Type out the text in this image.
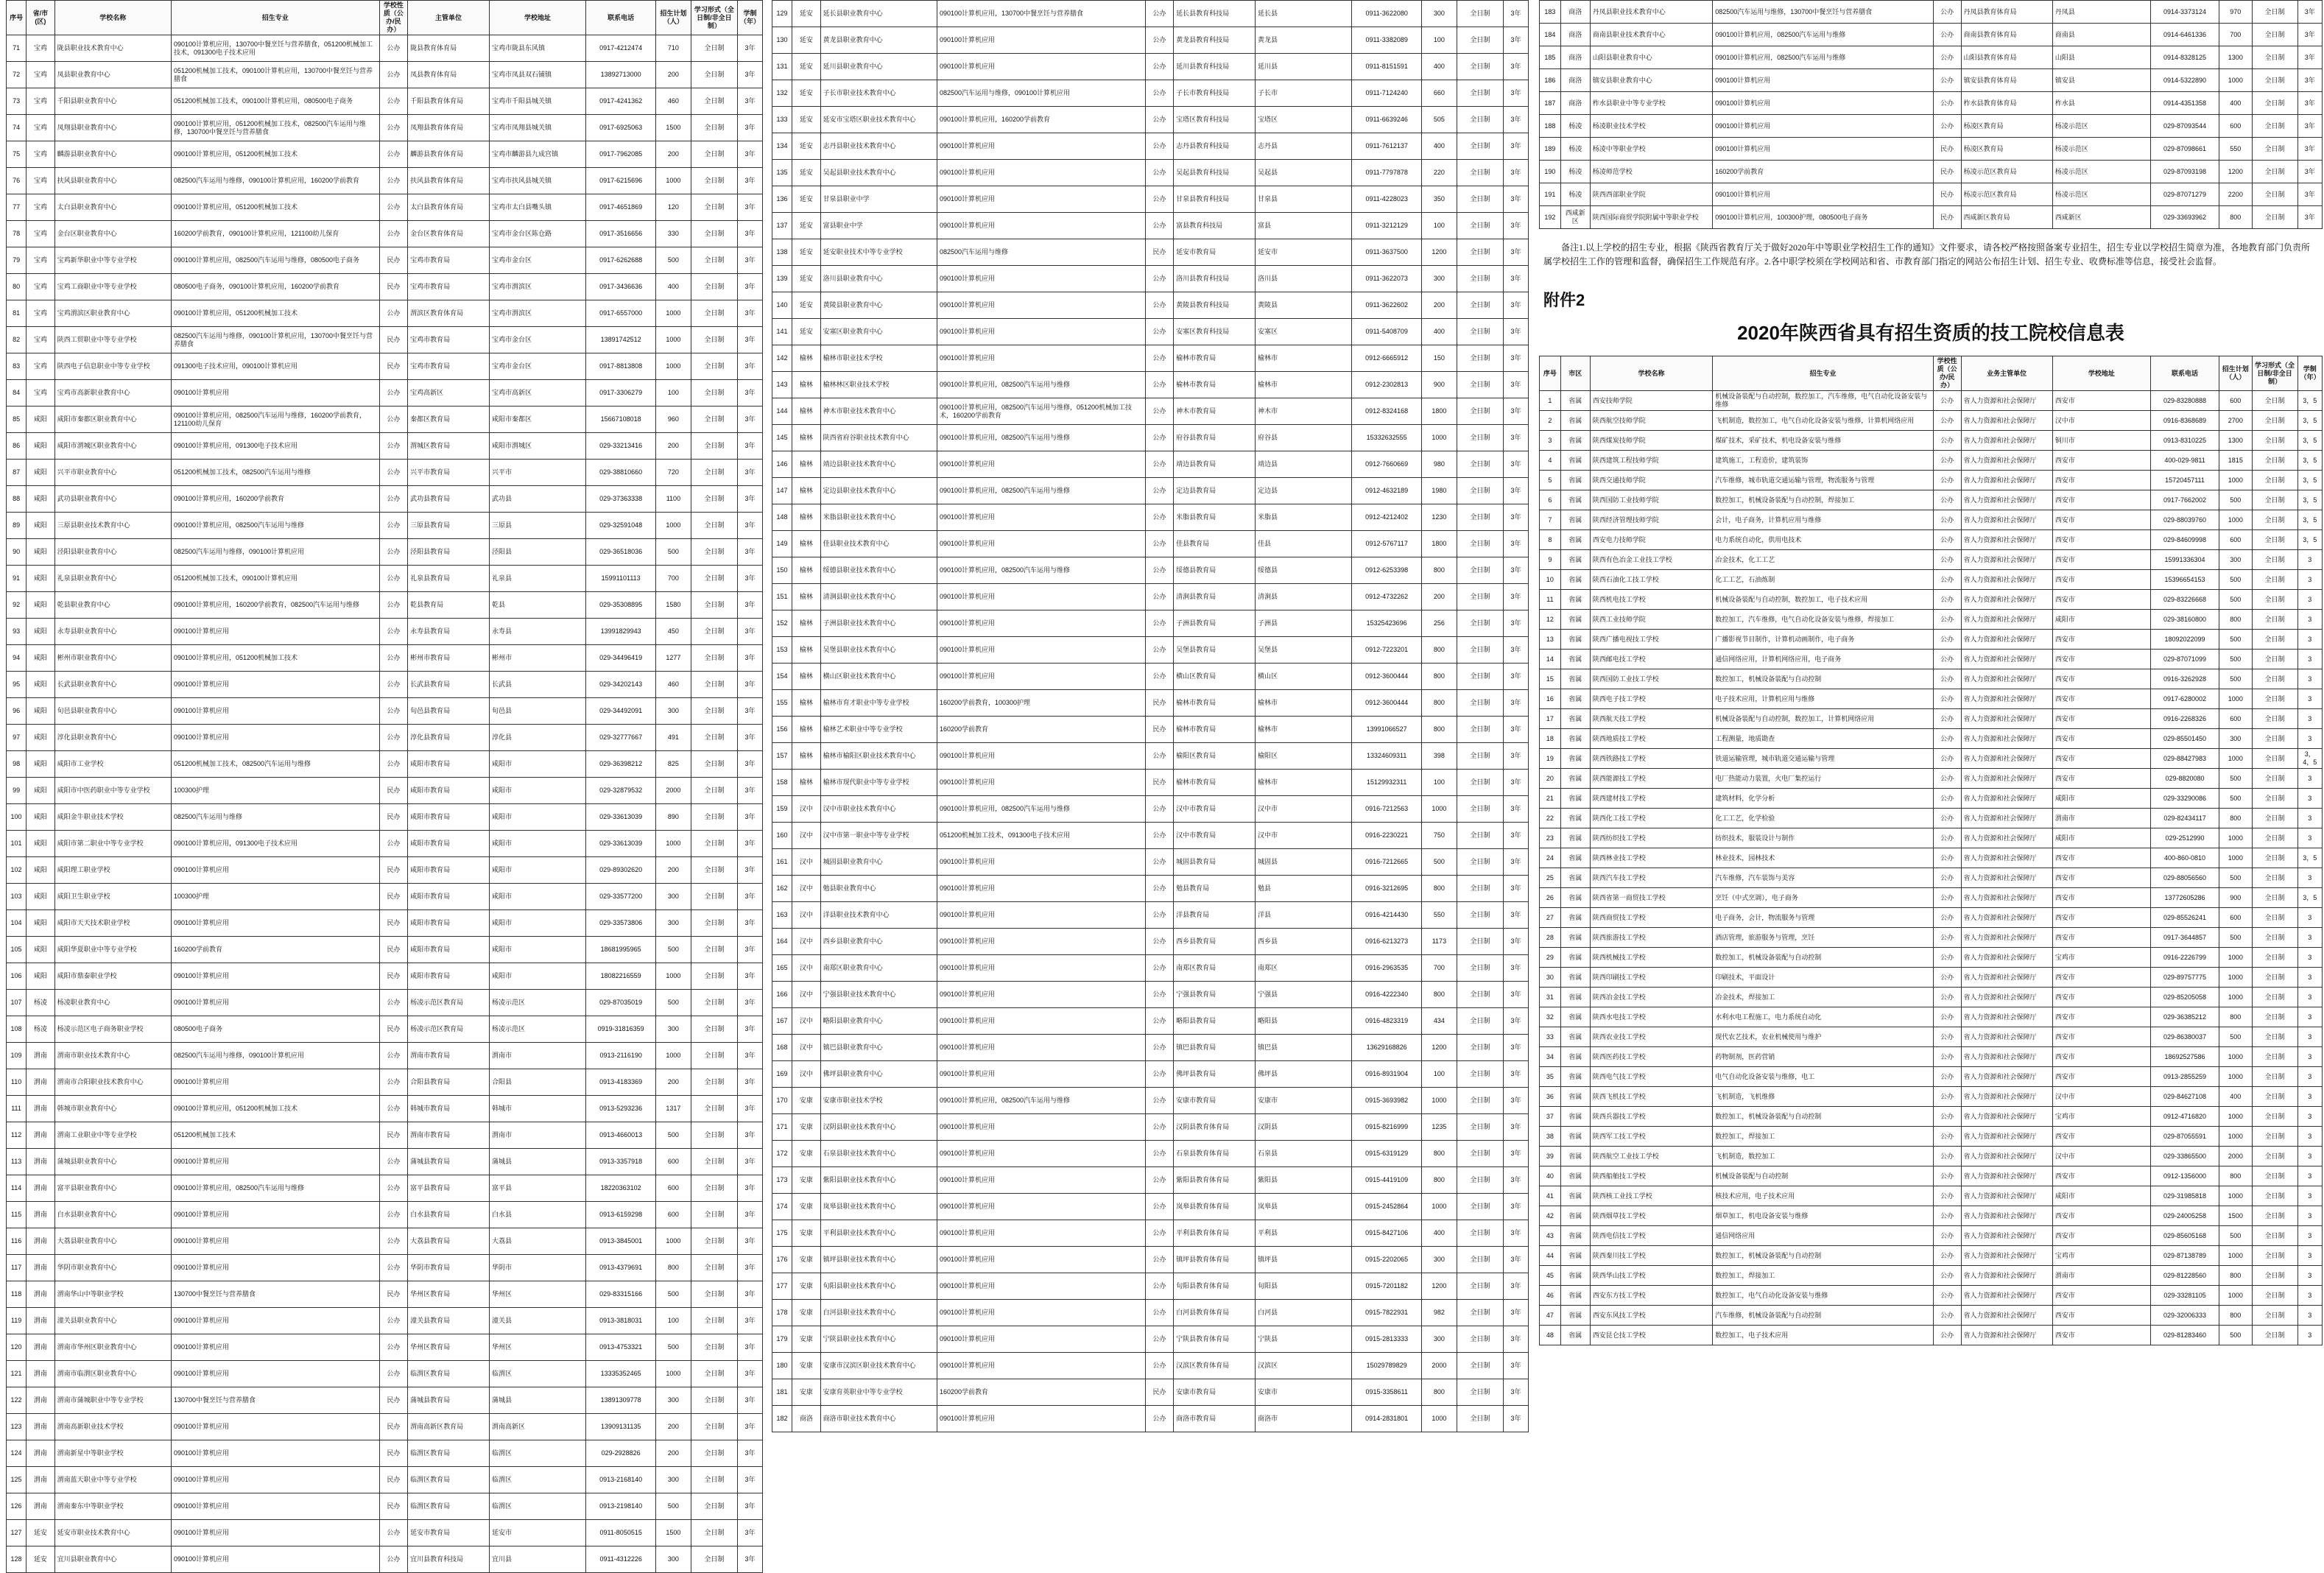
序号	省/市(区)	学校名称	招生专业	学校性质（公办/民办）	主管单位	学校地址	联系电话	招生计划（人）	学习形式（全日制/非全日制）	学制（年）
71	宝鸡	陇县职业技术教育中心	090100计算机应用，130700中餐烹饪与营养膳食，051200机械加工技术，091300电子技术应用	公办	陇县教育体育局	宝鸡市陇县东风镇	0917-4212474	710	全日制	3年
72	宝鸡	凤县职业教育中心	051200机械加工技术，090100计算机应用，130700中餐烹饪与营养膳食	公办	凤县教育体育局	宝鸡市凤县双石铺镇	13892713000	200	全日制	3年
73	宝鸡	千阳县职业教育中心	051200机械加工技术，090100计算机应用，080500电子商务	公办	千阳县教育体育局	宝鸡市千阳县城关镇	0917-4241362	460	全日制	3年
74	宝鸡	凤翔县职业教育中心	090100计算机应用，051200机械加工技术，082500汽车运用与维修，130700中餐烹饪与营养膳食	公办	凤翔县教育体育局	宝鸡市凤翔县城关镇	0917-6925063	1500	全日制	3年
75	宝鸡	麟游县职业教育中心	090100计算机应用，051200机械加工技术	公办	麟游县教育体育局	宝鸡市麟游县九成宫镇	0917-7962085	200	全日制	3年
76	宝鸡	扶风县职业教育中心	082500汽车运用与维修，090100计算机应用，160200学前教育	公办	扶风县教育体育局	宝鸡市扶风县城关镇	0917-6215696	1000	全日制	3年
77	宝鸡	太白县职业教育中心	090100计算机应用，051200机械加工技术	公办	太白县教育体育局	宝鸡市太白县嘴头镇	0917-4651869	120	全日制	3年
78	宝鸡	金台区职业教育中心	160200学前教育，090100计算机应用，121100幼儿保育	公办	金台区教育体育局	宝鸡市金台区陈仓路	0917-3516656	330	全日制	3年
79	宝鸡	宝鸡新华职业中等专业学校	090100计算机应用，082500汽车运用与维修，080500电子商务	民办	宝鸡市教育局	宝鸡市金台区	0917-6262688	500	全日制	3年
80	宝鸡	宝鸡工商职业中等专业学校	080500电子商务，090100计算机应用，160200学前教育	民办	宝鸡市教育局	宝鸡市渭滨区	0917-3436636	400	全日制	3年
81	宝鸡	宝鸡渭滨区职业教育中心	090100计算机应用，051200机械加工技术	公办	渭滨区教育体育局	宝鸡市渭滨区	0917-6557000	1000	全日制	3年
82	宝鸡	陕西工贸职业中等专业学校	082500汽车运用与维修，090100计算机应用，130700中餐烹饪与营养膳食	民办	宝鸡市教育局	宝鸡市金台区	13891742512	1000	全日制	3年
83	宝鸡	陕西电子信息职业中等专业学校	091300电子技术应用，090100计算机应用	民办	宝鸡市教育局	宝鸡市金台区	0917-8813808	1000	全日制	3年
84	宝鸡	宝鸡市高新职业教育中心	090100计算机应用	公办	宝鸡高新区	宝鸡市高新区	0917-3306279	100	全日制	3年
85	咸阳	咸阳市秦都区职业教育中心	090100计算机应用，082500汽车运用与维修，160200学前教育，121100幼儿保育	公办	秦都区教育局	咸阳市秦都区	15667108018	960	全日制	3年
86	咸阳	咸阳市渭城区职业教育中心	090100计算机应用，091300电子技术应用	公办	渭城区教育局	咸阳市渭城区	029-33213416	200	全日制	3年
87	咸阳	兴平市职业教育中心	051200机械加工技术，082500汽车运用与维修	公办	兴平市教育局	兴平市	029-38810660	720	全日制	3年
88	咸阳	武功县职业教育中心	090100计算机应用，160200学前教育	公办	武功县教育局	武功县	029-37363338	1100	全日制	3年
89	咸阳	三原县职业技术教育中心	090100计算机应用，082500汽车运用与维修	公办	三原县教育局	三原县	029-32591048	1000	全日制	3年
90	咸阳	泾阳县职业教育中心	082500汽车运用与维修，090100计算机应用	公办	泾阳县教育局	泾阳县	029-36518036	500	全日制	3年
91	咸阳	礼泉县职业教育中心	051200机械加工技术，090100计算机应用	公办	礼泉县教育局	礼泉县	15991101113	700	全日制	3年
92	咸阳	乾县职业教育中心	090100计算机应用，160200学前教育，082500汽车运用与维修	公办	乾县教育局	乾县	029-35308895	1580	全日制	3年
93	咸阳	永寿县职业教育中心	090100计算机应用	公办	永寿县教育局	永寿县	13991829943	450	全日制	3年
94	咸阳	彬州市职业教育中心	090100计算机应用，051200机械加工技术	公办	彬州市教育局	彬州市	029-34496419	1277	全日制	3年
95	咸阳	长武县职业教育中心	090100计算机应用	公办	长武县教育局	长武县	029-34202143	460	全日制	3年
96	咸阳	旬邑县职业教育中心	090100计算机应用	公办	旬邑县教育局	旬邑县	029-34492091	300	全日制	3年
97	咸阳	淳化县职业教育中心	090100计算机应用	公办	淳化县教育局	淳化县	029-32777667	491	全日制	3年
98	咸阳	咸阳市工业学校	051200机械加工技术，082500汽车运用与维修	公办	咸阳市教育局	咸阳市	029-36398212	825	全日制	3年
99	咸阳	咸阳市中医药职业中等专业学校	100300护理	民办	咸阳市教育局	咸阳市	029-32879532	2000	全日制	3年
100	咸阳	咸阳金牛职业技术学校	082500汽车运用与维修	民办	咸阳市教育局	咸阳市	029-33613039	890	全日制	3年
101	咸阳	咸阳市第二职业中等专业学校	090100计算机应用，091300电子技术应用	公办	咸阳市教育局	咸阳市	029-33613039	1000	全日制	3年
102	咸阳	咸阳理工职业学校	090100计算机应用	民办	咸阳市教育局	咸阳市	029-89302620	200	全日制	3年
103	咸阳	咸阳卫生职业学校	100300护理	民办	咸阳市教育局	咸阳市	029-33577200	300	全日制	3年
104	咸阳	咸阳市天天技术职业学校	090100计算机应用	民办	咸阳市教育局	咸阳市	029-33573806	300	全日制	3年
105	咸阳	咸阳华夏职业中等专业学校	160200学前教育	民办	咸阳市教育局	咸阳市	18681995965	500	全日制	3年
106	咸阳	咸阳市鼎泰职业学校	090100计算机应用	民办	咸阳市教育局	咸阳市	18082216559	1000	全日制	3年
107	杨凌	杨凌职业教育中心	090100计算机应用	公办	杨凌示范区教育局	杨凌示范区	029-87035019	500	全日制	3年
108	杨凌	杨凌示范区电子商务职业学校	080500电子商务	民办	杨凌示范区教育局	杨凌示范区	0919-31816359	300	全日制	3年
109	渭南	渭南市职业技术教育中心	082500汽车运用与维修，090100计算机应用	公办	渭南市教育局	渭南市	0913-2116190	1000	全日制	3年
110	渭南	渭南市合阳职业技术教育中心	090100计算机应用	公办	合阳县教育局	合阳县	0913-4183369	200	全日制	3年
111	渭南	韩城市职业教育中心	090100计算机应用，051200机械加工技术	公办	韩城市教育局	韩城市	0913-5293236	1317	全日制	3年
112	渭南	渭南工业职业中等专业学校	051200机械加工技术	民办	渭南市教育局	渭南市	0913-4660013	500	全日制	3年
113	渭南	蒲城县职业教育中心	090100计算机应用	公办	蒲城县教育局	蒲城县	0913-3357918	600	全日制	3年
114	渭南	富平县职业教育中心	090100计算机应用，082500汽车运用与维修	公办	富平县教育局	富平县	18220363102	600	全日制	3年
115	渭南	白水县职业教育中心	090100计算机应用	公办	白水县教育局	白水县	0913-6159298	600	全日制	3年
116	渭南	大荔县职业教育中心	090100计算机应用	公办	大荔县教育局	大荔县	0913-3845001	1000	全日制	3年
117	渭南	华阴市职业教育中心	090100计算机应用	公办	华阴市教育局	华阴市	0913-4379691	800	全日制	3年
118	渭南	渭南华山中等职业学校	130700中餐烹饪与营养膳食	民办	华州区教育局	华州区	029-83315166	500	全日制	3年
119	渭南	潼关县职业教育中心	090100计算机应用	公办	潼关县教育局	潼关县	0913-3818031	100	全日制	3年
120	渭南	渭南市华州区职业教育中心	090100计算机应用	公办	华州区教育局	华州区	0913-4753321	500	全日制	3年
121	渭南	渭南市临渭区职业教育中心	090100计算机应用	公办	临渭区教育局	临渭区	13335352465	1000	全日制	3年
122	渭南	渭南市蒲城职业中等专业学校	130700中餐烹饪与营养膳食	民办	蒲城县教育局	蒲城县	13891309778	300	全日制	3年
123	渭南	渭南高新职业技术学校	090100计算机应用	民办	渭南高新区教育局	渭南高新区	13909131135	200	全日制	3年
124	渭南	渭南新星中等职业学校	090100计算机应用	民办	临渭区教育局	临渭区	029-2928826	200	全日制	3年
125	渭南	渭南蓝天职业中等专业学校	090100计算机应用	民办	临渭区教育局	临渭区	0913-2168140	300	全日制	3年
126	渭南	渭南秦东中等职业学校	090100计算机应用	民办	临渭区教育局	临渭区	0913-2198140	500	全日制	3年
127	延安	延安市职业技术教育中心	090100计算机应用	公办	延安市教育局	延安市	0911-8050515	1500	全日制	3年
128	延安	宜川县职业教育中心	090100计算机应用	公办	宜川县教育科技局	宜川县	0911-4312226	300	全日制	3年
129	延安	延长县职业教育中心	090100计算机应用，130700中餐烹饪与营养膳食	公办	延长县教育科技局	延长县	0911-3622080	300	全日制	3年
130	延安	黄龙县职业教育中心	090100计算机应用	公办	黄龙县教育科技局	黄龙县	0911-3382089	100	全日制	3年
131	延安	延川县职业教育中心	090100计算机应用	公办	延川县教育科技局	延川县	0911-8151591	400	全日制	3年
132	延安	子长市职业技术教育中心	082500汽车运用与维修，090100计算机应用	公办	子长市教育科技局	子长市	0911-7124240	660	全日制	3年
133	延安	延安市宝塔区职业技术教育中心	090100计算机应用，160200学前教育	公办	宝塔区教育科技局	宝塔区	0911-6639246	505	全日制	3年
134	延安	志丹县职业技术教育中心	090100计算机应用	公办	志丹县教育科技局	志丹县	0911-7612137	400	全日制	3年
135	延安	吴起县职业技术教育中心	090100计算机应用	公办	吴起县教育科技局	吴起县	0911-7797878	220	全日制	3年
136	延安	甘泉县职业中学	090100计算机应用	公办	甘泉县教育科技局	甘泉县	0911-4228023	350	全日制	3年
137	延安	富县职业中学	090100计算机应用	公办	富县教育科技局	富县	0911-3212129	100	全日制	3年
138	延安	延安职业技术中等专业学校	082500汽车运用与维修	民办	延安市教育局	延安市	0911-3637500	1200	全日制	3年
139	延安	洛川县职业教育中心	090100计算机应用	公办	洛川县教育科技局	洛川县	0911-3622073	300	全日制	3年
140	延安	黄陵县职业教育中心	090100计算机应用	公办	黄陵县教育科技局	黄陵县	0911-3622602	200	全日制	3年
141	延安	安塞区职业教育中心	090100计算机应用	公办	安塞区教育科技局	安塞区	0911-5408709	400	全日制	3年
142	榆林	榆林市职业技术学校	090100计算机应用	公办	榆林市教育局	榆林市	0912-6665912	150	全日制	3年
143	榆林	榆林林区职业技术学校	090100计算机应用，082500汽车运用与维修	公办	榆林市教育局	榆林市	0912-2302813	900	全日制	3年
144	榆林	神木市职业技术教育中心	090100计算机应用，082500汽车运用与维修，051200机械加工技术，160200学前教育	公办	神木市教育局	神木市	0912-8324168	1800	全日制	3年
145	榆林	陕西省府谷职业技术教育中心	090100计算机应用，082500汽车运用与维修	公办	府谷县教育局	府谷县	15332632555	1000	全日制	3年
146	榆林	靖边县职业技术教育中心	090100计算机应用	公办	靖边县教育局	靖边县	0912-7660669	980	全日制	3年
147	榆林	定边县职业技术教育中心	090100计算机应用，082500汽车运用与维修	公办	定边县教育局	定边县	0912-4632189	1980	全日制	3年
148	榆林	米脂县职业技术教育中心	090100计算机应用	公办	米脂县教育局	米脂县	0912-4212402	1230	全日制	3年
149	榆林	佳县职业技术教育中心	090100计算机应用	公办	佳县教育局	佳县	0912-5767117	1800	全日制	3年
150	榆林	绥德县职业技术教育中心	090100计算机应用，082500汽车运用与维修	公办	绥德县教育局	绥德县	0912-6253398	800	全日制	3年
151	榆林	清涧县职业技术教育中心	090100计算机应用	公办	清涧县教育局	清涧县	0912-4732262	200	全日制	3年
152	榆林	子洲县职业技术教育中心	090100计算机应用	公办	子洲县教育局	子洲县	15325423696	256	全日制	3年
153	榆林	吴堡县职业技术教育中心	090100计算机应用	公办	吴堡县教育局	吴堡县	0912-7223201	800	全日制	3年
154	榆林	横山区职业技术教育中心	090100计算机应用	公办	横山区教育局	横山区	0912-3600444	800	全日制	3年
155	榆林	榆林市育才职业中等专业学校	160200学前教育，100300护理	民办	榆林市教育局	榆林市	0912-3600444	800	全日制	3年
156	榆林	榆林艺术职业中等专业学校	160200学前教育	民办	榆林市教育局	榆林市	13991066527	800	全日制	3年
157	榆林	榆林市榆阳区职业技术教育中心	090100计算机应用	公办	榆阳区教育局	榆阳区	13324609311	398	全日制	3年
158	榆林	榆林市现代职业中等专业学校	090100计算机应用	民办	榆林市教育局	榆林市	15129932311	100	全日制	3年
159	汉中	汉中市职业技术教育中心	090100计算机应用，082500汽车运用与维修	公办	汉中市教育局	汉中市	0916-7212563	1000	全日制	3年
160	汉中	汉中市第一职业中等专业学校	051200机械加工技术，091300电子技术应用	公办	汉中市教育局	汉中市	0916-2230221	750	全日制	3年
161	汉中	城固县职业教育中心	090100计算机应用	公办	城固县教育局	城固县	0916-7212665	500	全日制	3年
162	汉中	勉县职业教育中心	090100计算机应用	公办	勉县教育局	勉县	0916-3212695	800	全日制	3年
163	汉中	洋县职业技术教育中心	090100计算机应用	公办	洋县教育局	洋县	0916-4214430	550	全日制	3年
164	汉中	西乡县职业教育中心	090100计算机应用	公办	西乡县教育局	西乡县	0916-6213273	1173	全日制	3年
165	汉中	南郑区职业教育中心	090100计算机应用	公办	南郑区教育局	南郑区	0916-2963535	700	全日制	3年
166	汉中	宁强县职业技术教育中心	090100计算机应用	公办	宁强县教育局	宁强县	0916-4222340	800	全日制	3年
167	汉中	略阳县职业教育中心	090100计算机应用	公办	略阳县教育局	略阳县	0916-4823319	434	全日制	3年
168	汉中	镇巴县职业教育中心	090100计算机应用	公办	镇巴县教育局	镇巴县	13629168826	1200	全日制	3年
169	汉中	佛坪县职业教育中心	090100计算机应用	公办	佛坪县教育局	佛坪县	0916-8931904	100	全日制	3年
170	安康	安康市职业技术学校	090100计算机应用，082500汽车运用与维修	公办	安康市教育局	安康市	0915-3693982	1000	全日制	3年
171	安康	汉阴县职业技术教育中心	090100计算机应用	公办	汉阴县教育体育局	汉阴县	0915-8216999	1235	全日制	3年
172	安康	石泉县职业技术教育中心	090100计算机应用	公办	石泉县教育体育局	石泉县	0915-6319129	800	全日制	3年
173	安康	紫阳县职业技术教育中心	090100计算机应用	公办	紫阳县教育体育局	紫阳县	0915-4419109	800	全日制	3年
174	安康	岚皋县职业技术教育中心	090100计算机应用	公办	岚皋县教育体育局	岚皋县	0915-2452864	1000	全日制	3年
175	安康	平利县职业技术教育中心	090100计算机应用	公办	平利县教育体育局	平利县	0915-8427106	400	全日制	3年
176	安康	镇坪县职业技术教育中心	090100计算机应用	公办	镇坪县教育体育局	镇坪县	0915-2202065	300	全日制	3年
177	安康	旬阳县职业技术教育中心	090100计算机应用	公办	旬阳县教育体育局	旬阳县	0915-7201182	1200	全日制	3年
178	安康	白河县职业技术教育中心	090100计算机应用	公办	白河县教育体育局	白河县	0915-7822931	982	全日制	3年
179	安康	宁陕县职业技术教育中心	090100计算机应用	公办	宁陕县教育体育局	宁陕县	0915-2813333	300	全日制	3年
180	安康	安康市汉滨区职业技术教育中心	090100计算机应用	公办	汉滨区教育体育局	汉滨区	15029789829	2000	全日制	3年
181	安康	安康育英职业中等专业学校	160200学前教育	民办	安康市教育局	安康市	0915-3358611	800	全日制	3年
182	商洛	商洛市职业技术教育中心	090100计算机应用	公办	商洛市教育局	商洛市	0914-2831801	1000	全日制	3年
183	商洛	丹凤县职业技术教育中心	082500汽车运用与维修，130700中餐烹饪与营养膳食	公办	丹凤县教育体育局	丹凤县	0914-3373124	970	全日制	3年
184	商洛	商南县职业技术教育中心	090100计算机应用，082500汽车运用与维修	公办	商南县教育体育局	商南县	0914-6461336	700	全日制	3年
185	商洛	山阳县职业教育中心	090100计算机应用，082500汽车运用与维修	公办	山阳县教育体育局	山阳县	0914-8328125	1300	全日制	3年
186	商洛	镇安县职业教育中心	090100计算机应用	公办	镇安县教育体育局	镇安县	0914-5322890	1000	全日制	3年
187	商洛	柞水县职业中等专业学校	090100计算机应用	公办	柞水县教育体育局	柞水县	0914-4351358	400	全日制	3年
188	杨凌	杨凌职业技术学校	090100计算机应用	公办	杨凌区教育局	杨凌示范区	029-87093544	600	全日制	3年
189	杨凌	杨凌中等职业学校	090100计算机应用	民办	杨凌区教育局	杨凌示范区	029-87098661	550	全日制	3年
190	杨凌	杨凌师范学校	160200学前教育	民办	杨凌示范区教育局	杨凌示范区	029-87093198	1200	全日制	3年
191	杨凌	陕西西部职业学院	090100计算机应用	民办	杨凌示范区教育局	杨凌示范区	029-87071279	2200	全日制	3年
192	西咸新区	陕西国际商贸学院附属中等职业学校	090100计算机应用，100300护理，080500电子商务	民办	西咸新区教育局	西咸新区	029-33693962	800	全日制	3年
备注1.以上学校的招生专业，根据《陕西省教育厅关于做好2020年中等职业学校招生工作的通知》文件要求，请各校严格按照备案专业招生，招生专业以学校招生简章为准，各地教育部门负责所属学校招生工作的管理和监督，确保招生工作规范有序。2.各中职学校须在学校网站和省、市教育部门指定的网站公布招生计划、招生专业、收费标准等信息，接受社会监督。
附件2
2020年陕西省具有招生资质的技工院校信息表
序号	市区	学校名称	招生专业	学校性质（公办/民办）	业务主管单位	学校地址	联系电话	招生计划（人）	学习形式（全日制/非全日制）	学制（年）
1	省属	西安技师学院	机械设备装配与自动控制，数控加工，汽车维修，电气自动化设备安装与维修	公办	省人力资源和社会保障厅	西安市	029-83280888	600	全日制	3，5
2	省属	陕西航空技师学院	飞机制造，数控加工，电气自动化设备安装与维修，计算机网络应用	公办	省人力资源和社会保障厅	汉中市	0916-8368689	2700	全日制	3，5
3	省属	陕西煤炭技师学院	煤矿技术，采矿技术，机电设备安装与维修	公办	省人力资源和社会保障厅	铜川市	0913-8310225	1300	全日制	3，5
4	省属	陕西建筑工程技师学院	建筑施工，工程造价，建筑装饰	公办	省人力资源和社会保障厅	西安市	400-029-9811	1815	全日制	3，5
5	省属	陕西交通技师学院	汽车维修，城市轨道交通运输与管理，物流服务与管理	公办	省人力资源和社会保障厅	西安市	15720457111	1000	全日制	3，5
6	省属	陕西国防工业技师学院	数控加工，机械设备装配与自动控制，焊接加工	公办	省人力资源和社会保障厅	西安市	0917-7662002	500	全日制	3，5
7	省属	陕西经济管理技师学院	会计，电子商务，计算机应用与维修	公办	省人力资源和社会保障厅	西安市	029-88039760	1000	全日制	3，5
8	省属	西安电力技师学院	电力系统自动化，供用电技术	公办	省人力资源和社会保障厅	西安市	029-84609998	600	全日制	3，5
9	省属	陕西有色冶金工业技工学校	冶金技术，化工工艺	公办	省人力资源和社会保障厅	西安市	15991336304	300	全日制	3
10	省属	陕西石油化工技工学校	化工工艺，石油炼制	公办	省人力资源和社会保障厅	西安市	15396654153	500	全日制	3
11	省属	陕西机电技工学校	机械设备装配与自动控制，数控加工，电子技术应用	公办	省人力资源和社会保障厅	西安市	029-83226668	500	全日制	3
12	省属	陕西工业技师学院	数控加工，汽车维修，电气自动化设备安装与维修，焊接加工	公办	省人力资源和社会保障厅	咸阳市	029-38160800	800	全日制	3
13	省属	陕西广播电视技工学校	广播影视节目制作，计算机动画制作，电子商务	公办	省人力资源和社会保障厅	西安市	18092022099	500	全日制	3
14	省属	陕西邮电技工学校	通信网络应用，计算机网络应用，电子商务	公办	省人力资源和社会保障厅	西安市	029-87071099	500	全日制	3
15	省属	陕西国防工业技工学校	数控加工，机械设备装配与自动控制	公办	省人力资源和社会保障厅	西安市	0916-3262928	500	全日制	3
16	省属	陕西电子技工学校	电子技术应用，计算机应用与维修	公办	省人力资源和社会保障厅	西安市	0917-6280002	1000	全日制	3
17	省属	陕西航天技工学校	机械设备装配与自动控制，数控加工，计算机网络应用	公办	省人力资源和社会保障厅	西安市	0916-2268326	600	全日制	3
18	省属	陕西地质技工学校	工程测量，地质勘查	公办	省人力资源和社会保障厅	西安市	029-85501450	300	全日制	3
19	省属	陕西铁路技工学校	铁道运输管理，城市轨道交通运输与管理	公办	省人力资源和社会保障厅	西安市	029-88427983	1000	全日制	3，4，5
20	省属	陕西能源技工学校	电厂热能动力装置，火电厂集控运行	公办	省人力资源和社会保障厅	西安市	029-8820080	500	全日制	3
21	省属	陕西建材技工学校	建筑材料，化学分析	公办	省人力资源和社会保障厅	咸阳市	029-33290086	500	全日制	3
22	省属	陕西化工技工学校	化工工艺，化学检验	公办	省人力资源和社会保障厅	渭南市	029-82434117	800	全日制	3
23	省属	陕西纺织技工学校	纺织技术，服装设计与制作	公办	省人力资源和社会保障厅	咸阳市	029-2512990	1000	全日制	3
24	省属	陕西林业技工学校	林业技术，园林技术	公办	省人力资源和社会保障厅	西安市	400-860-0810	1000	全日制	3，5
25	省属	陕西汽车技工学校	汽车维修，汽车装饰与美容	公办	省人力资源和社会保障厅	西安市	029-88056560	500	全日制	3
26	省属	陕西省第一商贸技工学校	烹饪（中式烹调），电子商务	公办	省人力资源和社会保障厅	西安市	13772605286	900	全日制	3，5
27	省属	陕西商贸技工学校	电子商务，会计，物流服务与管理	公办	省人力资源和社会保障厅	西安市	029-85526241	600	全日制	3
28	省属	陕西旅游技工学校	酒店管理，旅游服务与管理，烹饪	公办	省人力资源和社会保障厅	西安市	0917-3644857	500	全日制	3
29	省属	陕西机械技工学校	数控加工，机械设备装配与自动控制	公办	省人力资源和社会保障厅	宝鸡市	0916-2226799	1000	全日制	3
30	省属	陕西印刷技工学校	印刷技术，平面设计	公办	省人力资源和社会保障厅	西安市	029-89757775	1000	全日制	3
31	省属	陕西冶金技工学校	冶金技术，焊接加工	公办	省人力资源和社会保障厅	西安市	029-85205058	1000	全日制	3
32	省属	陕西水电技工学校	水利水电工程施工，电力系统自动化	公办	省人力资源和社会保障厅	西安市	029-36385212	800	全日制	3
33	省属	陕西农业技工学校	现代农艺技术，农业机械使用与维护	公办	省人力资源和社会保障厅	西安市	029-86380037	500	全日制	3
34	省属	陕西医药技工学校	药物制剂，医药营销	公办	省人力资源和社会保障厅	西安市	18692527586	1000	全日制	3
35	省属	陕西电气技工学校	电气自动化设备安装与维修，电工	公办	省人力资源和社会保障厅	西安市	0913-2855259	1000	全日制	3
36	省属	陕西飞机技工学校	飞机制造，飞机维修	公办	省人力资源和社会保障厅	汉中市	029-84627108	400	全日制	3
37	省属	陕西兵器技工学校	数控加工，机械设备装配与自动控制	公办	省人力资源和社会保障厅	宝鸡市	0912-4716820	1000	全日制	3
38	省属	陕西军工技工学校	数控加工，焊接加工	公办	省人力资源和社会保障厅	西安市	029-87055591	1000	全日制	3
39	省属	陕西航空工业技工学校	飞机制造，数控加工	公办	省人力资源和社会保障厅	汉中市	029-33865500	2000	全日制	3
40	省属	陕西船舶技工学校	机械设备装配与自动控制	公办	省人力资源和社会保障厅	西安市	0912-1356000	800	全日制	3
41	省属	陕西核工业技工学校	核技术应用，电子技术应用	公办	省人力资源和社会保障厅	咸阳市	029-31985818	1000	全日制	3
42	省属	陕西烟草技工学校	烟草加工，机电设备安装与维修	公办	省人力资源和社会保障厅	西安市	029-24005258	1500	全日制	3
43	省属	陕西电信技工学校	通信网络应用	公办	省人力资源和社会保障厅	西安市	029-85605168	500	全日制	3
44	省属	陕西秦川技工学校	数控加工，机械设备装配与自动控制	公办	省人力资源和社会保障厅	宝鸡市	029-87138789	1000	全日制	3
45	省属	陕西华山技工学校	数控加工，焊接加工	公办	省人力资源和社会保障厅	渭南市	029-81228560	800	全日制	3
46	省属	西安东方技工学校	数控加工，电气自动化设备安装与维修	公办	省人力资源和社会保障厅	西安市	029-33281105	1000	全日制	3
47	省属	西安东风技工学校	汽车维修，机械设备装配与自动控制	公办	省人力资源和社会保障厅	西安市	029-32006333	800	全日制	3
48	省属	西安昆仑技工学校	数控加工，电子技术应用	公办	省人力资源和社会保障厅	西安市	029-81283460	500	全日制	3
